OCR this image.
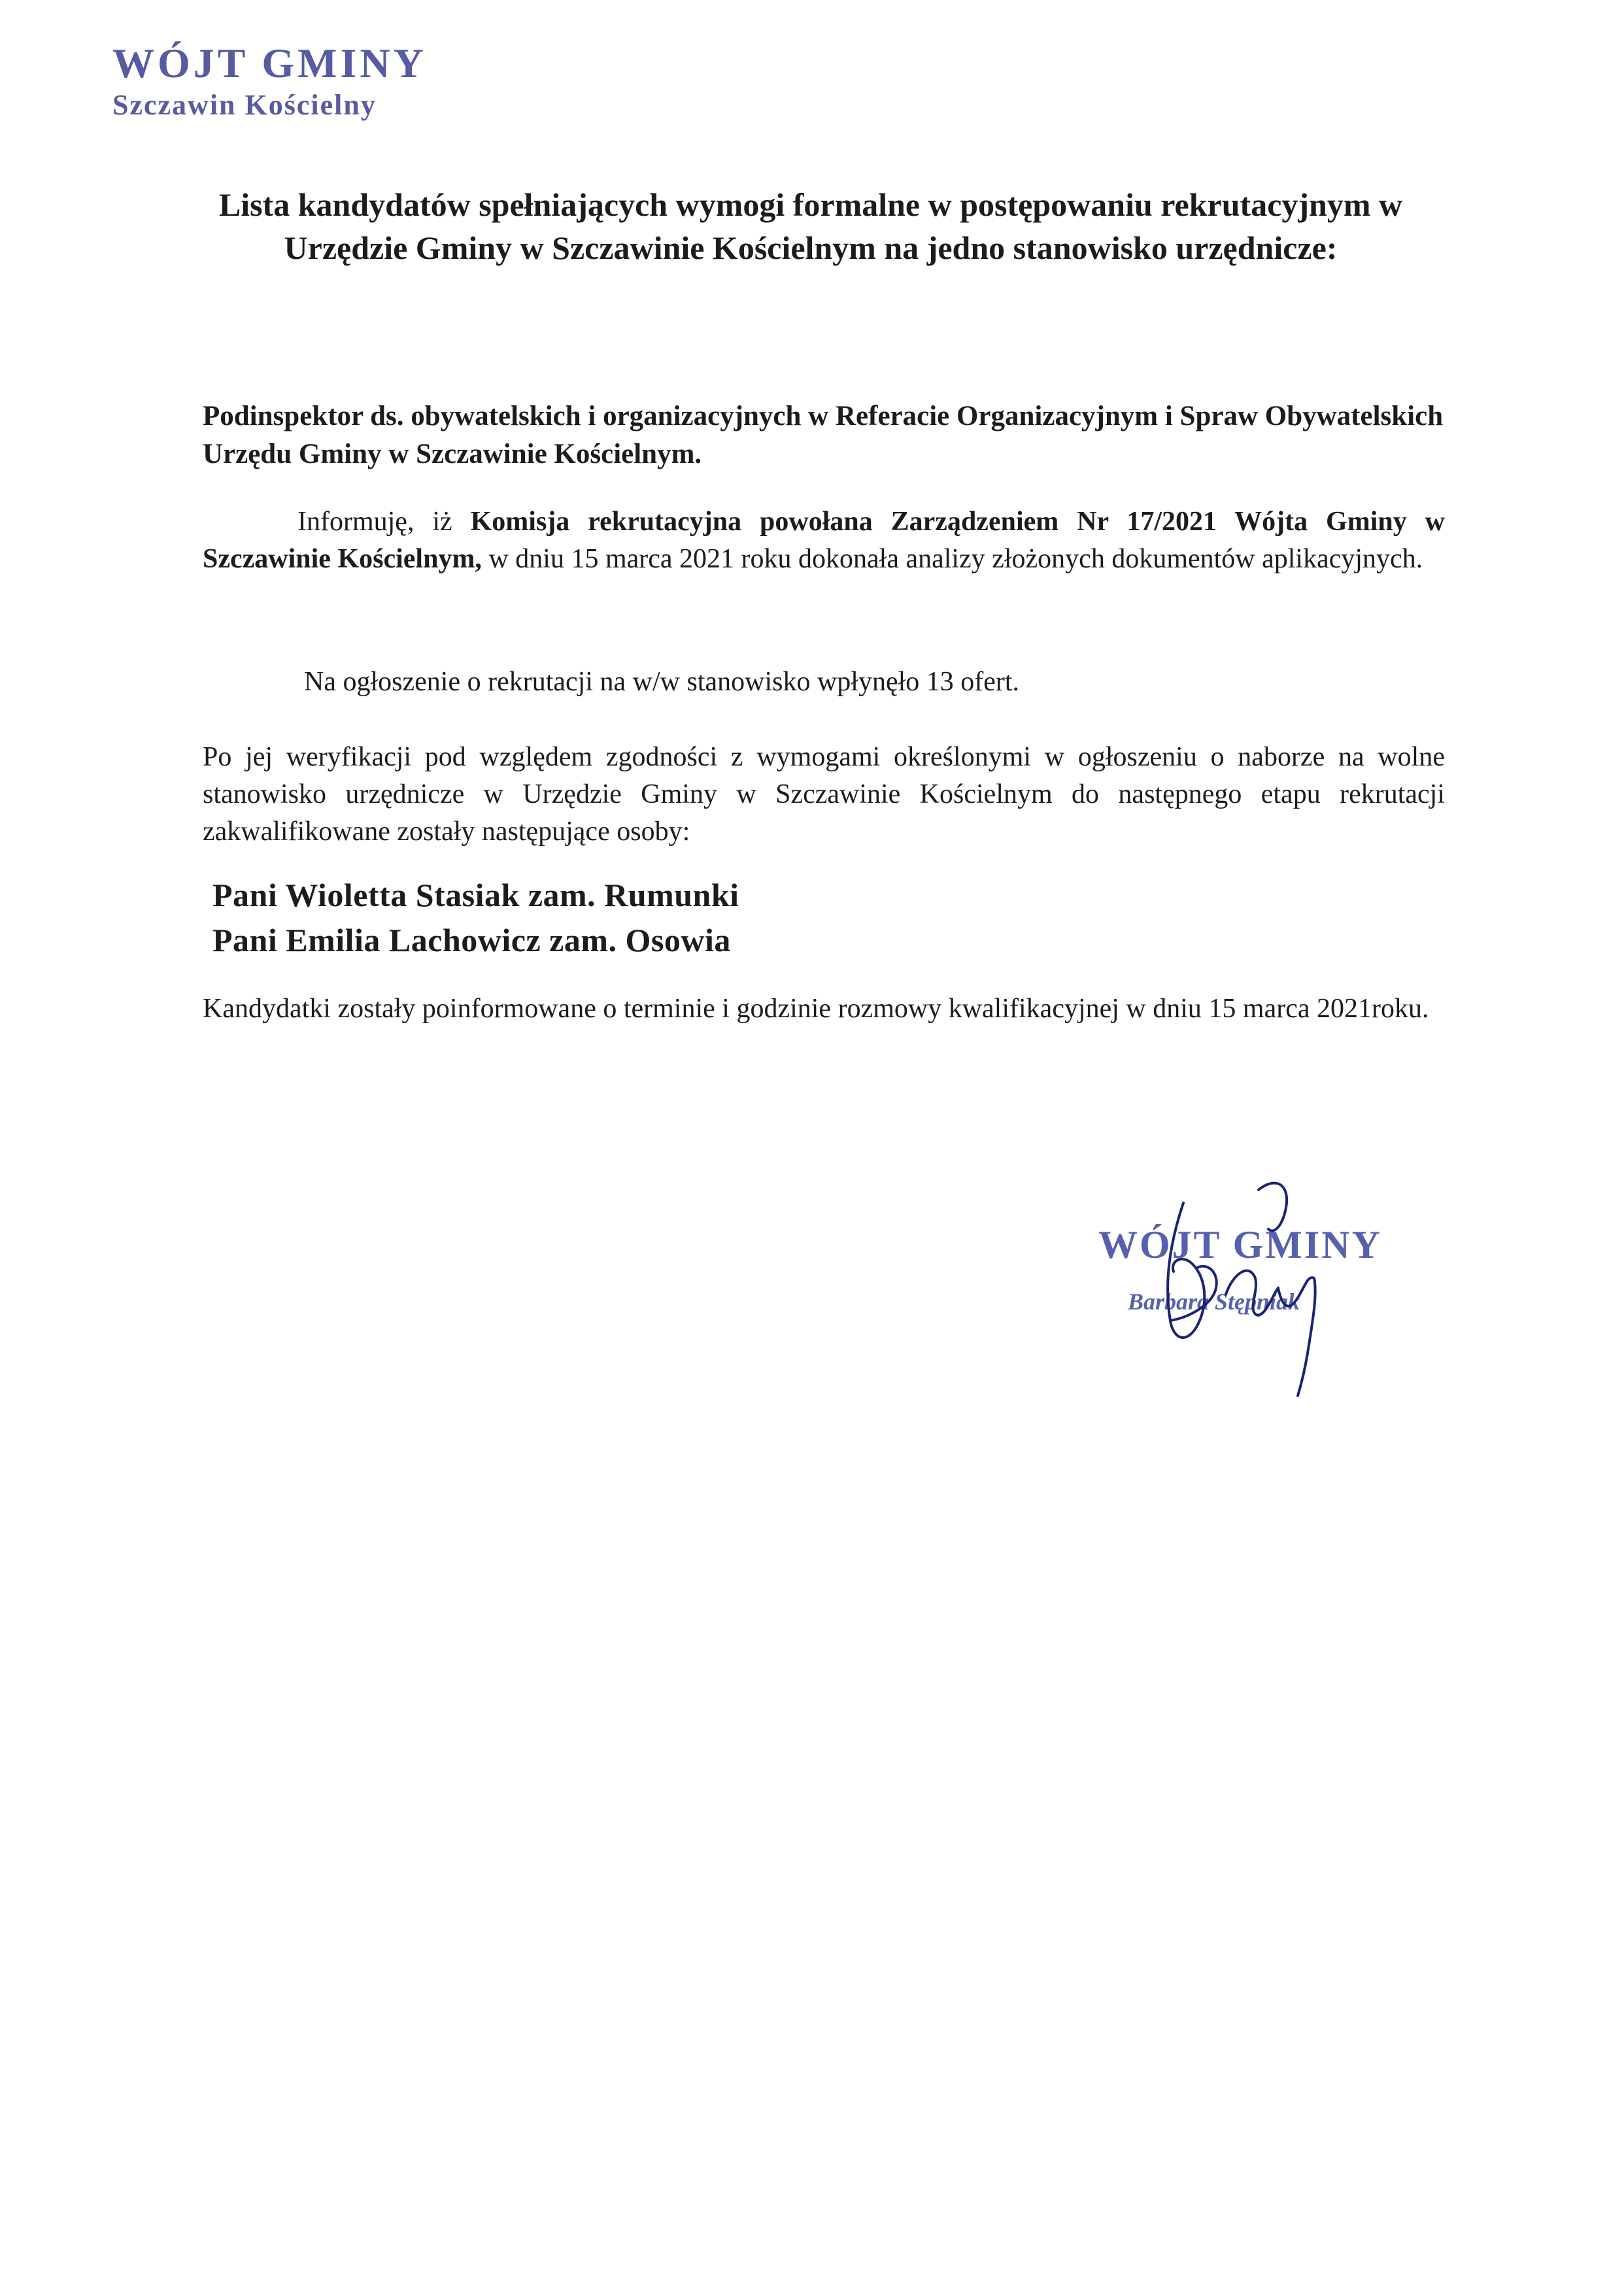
WÓJT GMINY
Szczawin Kościelny
Lista kandydatów spełniających wymogi formalne w postępowaniu rekrutacyjnym w Urzędzie Gminy w Szczawinie Kościelnym na jedno stanowisko urzędnicze:
Podinspektor ds. obywatelskich i organizacyjnych w Referacie Organizacyjnym i Spraw Obywatelskich Urzędu Gminy w Szczawinie Kościelnym.
Informuję, iż Komisja rekrutacyjna powołana Zarządzeniem Nr 17/2021 Wójta Gminy w Szczawinie Kościelnym, w dniu 15 marca 2021 roku dokonała analizy złożonych dokumentów aplikacyjnych.
Na ogłoszenie o rekrutacji na w/w stanowisko wpłynęło 13 ofert.
Po jej weryfikacji pod względem zgodności z wymogami określonymi w ogłoszeniu o naborze na wolne stanowisko urzędnicze w Urzędzie Gminy w Szczawinie Kościelnym do następnego etapu rekrutacji zakwalifikowane zostały następujące osoby:
Pani Wioletta Stasiak zam. Rumunki
Pani Emilia Lachowicz zam. Osowia
Kandydatki zostały poinformowane o terminie i godzinie rozmowy kwalifikacyjnej w dniu 15 marca 2021roku.
WÓJT GMINY
Barbara Stępniak
